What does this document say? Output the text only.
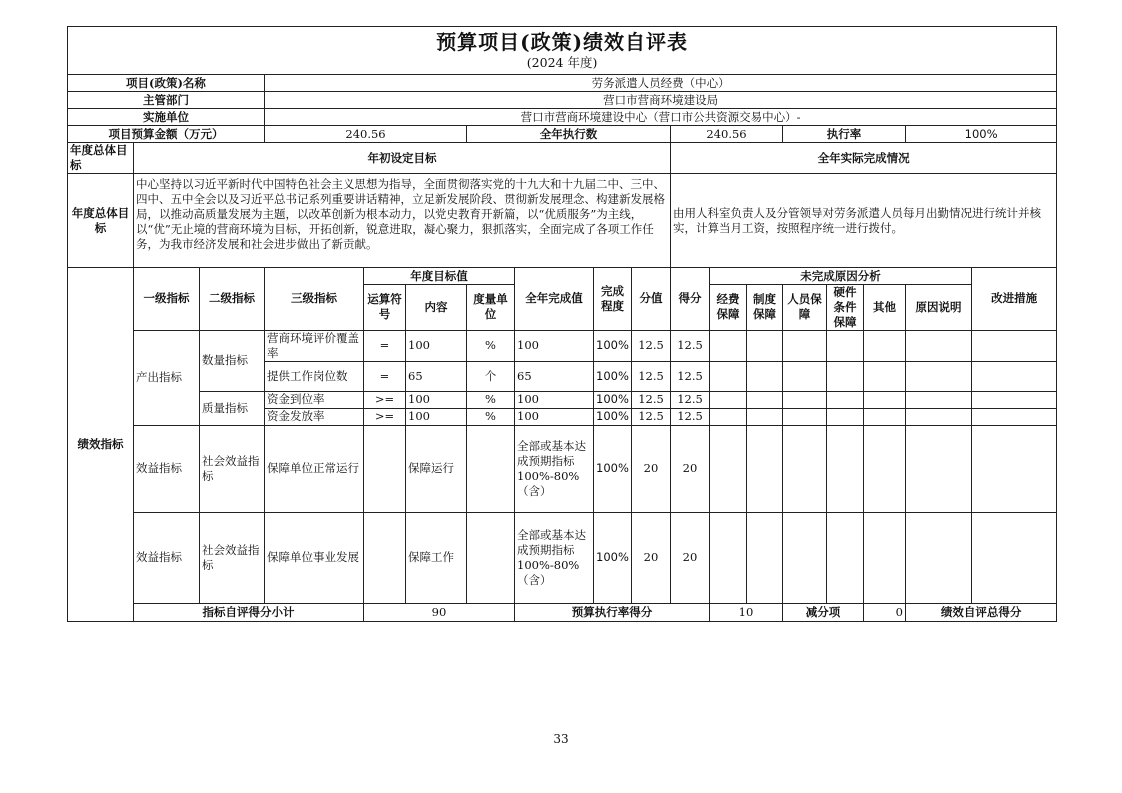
预算项目(政策)绩效自评表
(2024 年度)																		

项目(政策)名称			劳务派遣人员经费（中心）															
主管部门			营口市营商环境建设局															
实施单位			营口市营商环境建设中心（营口市公共资源交易中心）-															
项目预算金额（万元）			240.56			全年执行数				240.56			执行率			100%		
年度总体目标	年初设定目标									全年实际完成情况								
年度总体目标	中心坚持以习近平新时代中国特色社会主义思想为指导，全面贯彻落实党的十九大和十九届二中、三中、四中、五中全会以及习近平总书记系列重要讲话精神，立足新发展阶段、贯彻新发展理念、构建新发展格局，以推动高质量发展为主题，以改革创新为根本动力，以党史教育开新篇，以“优质服务”为主线，以“优”无止境的营商环境为目标，开拓创新，锐意进取，凝心聚力，狠抓落实，全面完成了各项工作任务，为我市经济发展和社会进步做出了新贡献。									由用人科室负责人及分管领导对劳务派遣人员每月出勤情况进行统计并核实，计算当月工资，按照程序统一进行拨付。								
绩效指标	一级指标	二级指标	三级指标	年度目标值			全年完成值	完成程度	分值	得分	未完成原因分析						改进措施	
				运算符号	内容	度量单位					经费保障	制度保障	人员保障	硬件条件保障	其他	原因说明		
	产出指标	数量指标	营商环境评价覆盖率	=	100	%	100	100%	12.5	12.5								
			提供工作岗位数	=	65	个	65	100%	12.5	12.5								
		质量指标	资金到位率	>=	100	%	100	100%	12.5	12.5								
			资金发放率	>=	100	%	100	100%	12.5	12.5								
	效益指标	社会效益指标	保障单位正常运行		保障运行		全部或基本达成预期指标 100%-80%（含）	100%	20	20								
	效益指标	社会效益指标	保障单位事业发展		保障工作		全部或基本达成预期指标 100%-80%（含）	100%	20	20								
	指标自评得分小计			90			预算执行率得分				10		减分项		0	绩效自评总得分	
33
